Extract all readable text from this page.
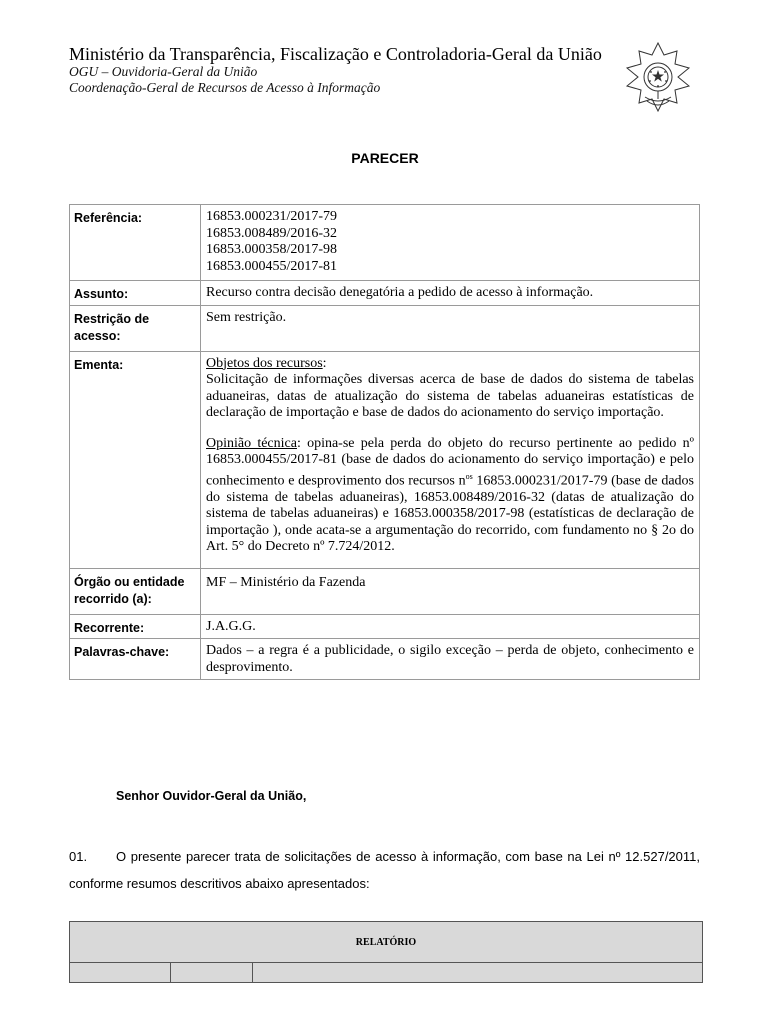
Ministério da Transparência, Fiscalização e Controladoria-Geral da União
OGU – Ouvidoria-Geral da União
Coordenação-Geral de Recursos de Acesso à Informação
PARECER
Referência:	16853.000231/2017-79
16853.008489/2016-32
16853.000358/2017-98
16853.000455/2017-81

Assunto:	Recurso contra decisão denegatória a pedido de acesso à informação.
Restrição de acesso:	Sem restrição.
Ementa:	Objetos dos recursos:
Solicitação de informações diversas acerca de base de dados do sistema de tabelas aduaneiras, datas de atualização do sistema de tabelas aduaneiras estatísticas de declaração de importação e base de dados do acionamento do serviço importação.
Opinião técnica: opina-se pela perda do objeto do recurso pertinente ao pedido nº 16853.000455/2017-81 (base de dados do acionamento do serviço importação) e pelo conhecimento e desprovimento dos recursos $n^{os}$ 16853.000231/2017-79 (base de dados do sistema de tabelas aduaneiras), 16853.008489/2016-32 (datas de atualização do sistema de tabelas aduaneiras) e 16853.000358/2017-98 (estatísticas de declaração de importação ), onde acata-se a argumentação do recorrido, com fundamento no § 2o do Art. 5° do Decreto nº 7.724/2012.

Órgão ou entidade recorrido (a):	MF – Ministério da Fazenda
Recorrente:	J.A.G.G.
Palavras-chave:	Dados – a regra é a publicidade, o sigilo exceção – perda de objeto, conhecimento e desprovimento.
Senhor Ouvidor-Geral da União,
01. O presente parecer trata de solicitações de acesso à informação, com base na Lei nº 12.527/2011, conforme resumos descritivos abaixo apresentados:
RELATÓRIO
